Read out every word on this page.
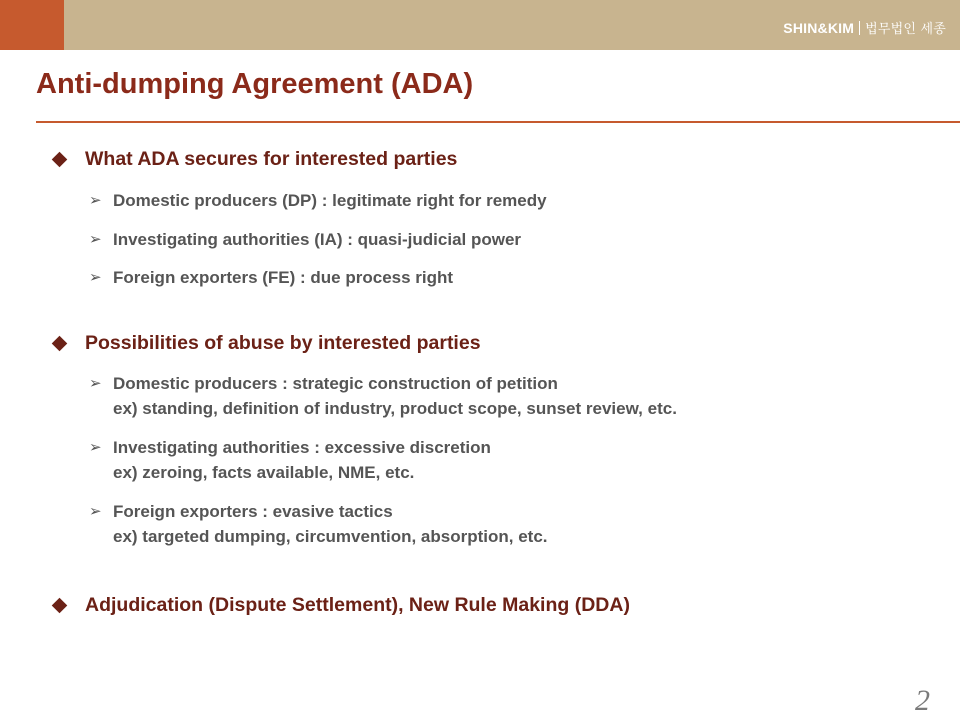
SHIN&KIM 법무법인 세종
Anti-dumping Agreement (ADA)
What ADA secures for interested parties
➢ Domestic producers (DP) : legitimate right for remedy
➢ Investigating authorities (IA) : quasi-judicial power
➢ Foreign exporters (FE) : due process right
Possibilities of abuse by interested parties
➢ Domestic producers : strategic construction of petition
ex) standing, definition of industry, product scope, sunset review, etc.
➢ Investigating authorities : excessive discretion
ex) zeroing, facts available, NME, etc.
➢ Foreign exporters : evasive tactics
ex) targeted dumping, circumvention, absorption, etc.
Adjudication (Dispute Settlement), New Rule Making (DDA)
2
